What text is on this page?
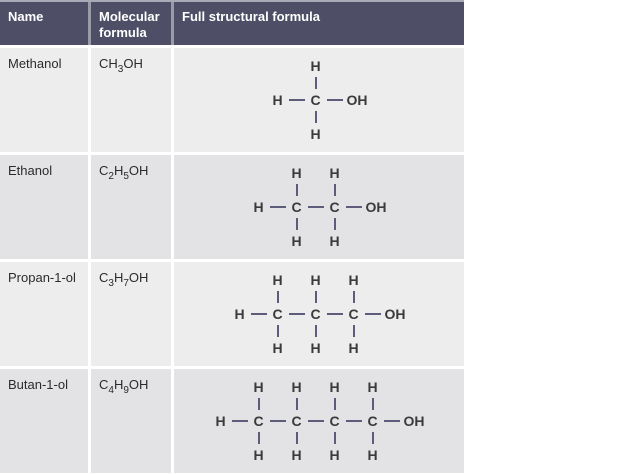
Name	Molecular formula
Full structural formula
Methanol	$CH_3OH$
H
H
C
H
OH
Ethanol	$C_2H_5OH$
H
H
C
H
H
C
H
OH
Propan-1-ol	$C_3H_7OH$
H
H
C
H
H
C
H
H
C
H
OH
Butan-1-ol	$C_4H_9OH$
H
H
C
H
H
C
H
H
C
H
H
C
H
OH
